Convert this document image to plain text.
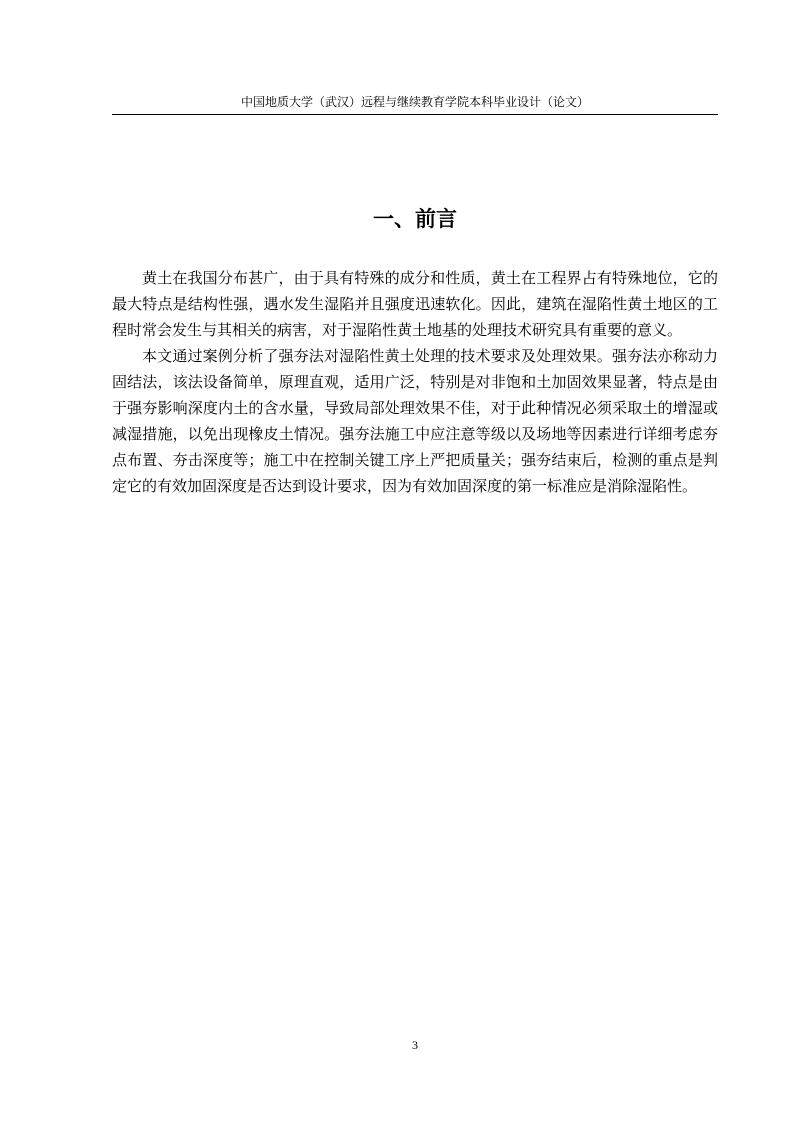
中国地质大学（武汉）远程与继续教育学院本科毕业设计（论文）
一、前言

黄土在我国分布甚广，由于具有特殊的成分和性质，黄土在工程界占有特殊地位，它的最大特点是结构性强，遇水发生湿陷并且强度迅速软化。因此，建筑在湿陷性黄土地区的工程时常会发生与其相关的病害，对于湿陷性黄土地基的处理技术研究具有重要的意义。

本文通过案例分析了强夯法对湿陷性黄土处理的技术要求及处理效果。强夯法亦称动力固结法，该法设备简单，原理直观，适用广泛，特别是对非饱和土加固效果显著，特点是由于强夯影响深度内土的含水量，导致局部处理效果不佳，对于此种情况必须采取土的增湿或减湿措施，以免出现橡皮土情况。强夯法施工中应注意等级以及场地等因素进行详细考虑夯点布置、夯击深度等；施工中在控制关键工序上严把质量关；强夯结束后，检测的重点是判定它的有效加固深度是否达到设计要求，因为有效加固深度的第一标准应是消除湿陷性。

3
